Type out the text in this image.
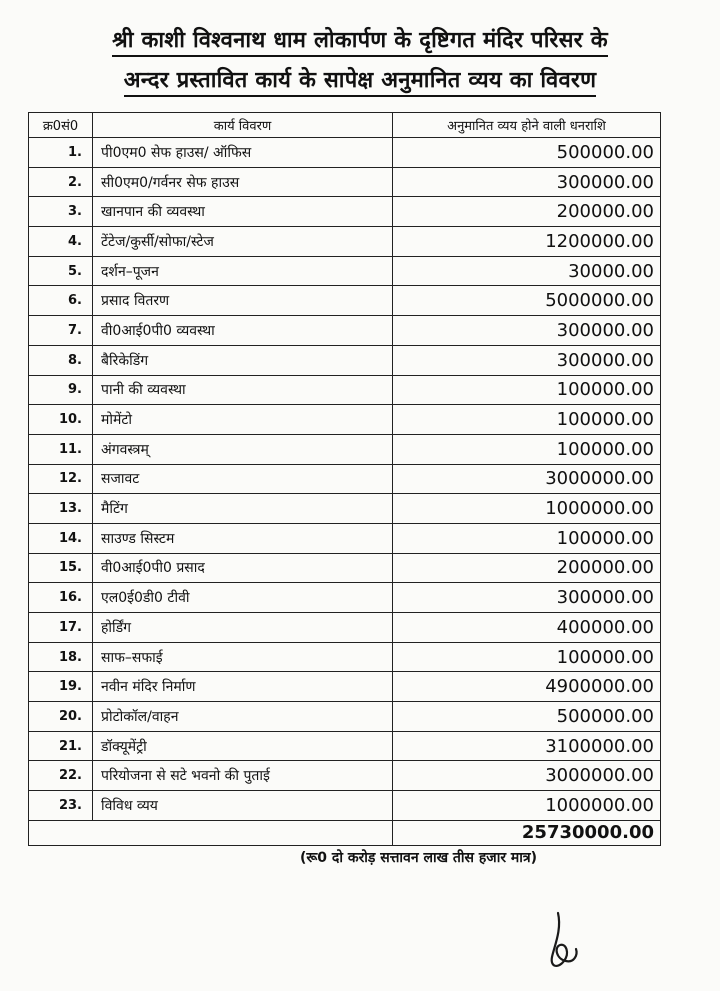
श्री काशी विश्वनाथ धाम लोकार्पण के दृष्टिगत मंदिर परिसर के
अन्दर प्रस्तावित कार्य के सापेक्ष अनुमानित व्यय का विवरण
क्र0सं0	कार्य विवरण	अनुमानित व्यय होने वाली धनराशि
1.	पी0एम0 सेफ हाउस/ ऑफिस	500000.00
2.	सी0एम0/गर्वनर सेफ हाउस	300000.00
3.	खानपान की व्यवस्था	200000.00
4.	टेंटेज/कुर्सी/सोफा/स्टेज	1200000.00
5.	दर्शन–पूजन	30000.00
6.	प्रसाद वितरण	5000000.00
7.	वी0आई0पी0 व्यवस्था	300000.00
8.	बैरिकेडिंग	300000.00
9.	पानी की व्यवस्था	100000.00
10.	मोमेंटो	100000.00
11.	अंगवस्त्रम्	100000.00
12.	सजावट	3000000.00
13.	मैटिंग	1000000.00
14.	साउण्ड सिस्टम	100000.00
15.	वी0आई0पी0 प्रसाद	200000.00
16.	एल0ई0डी0 टीवी	300000.00
17.	होर्डिंग	400000.00
18.	साफ–सफाई	100000.00
19.	नवीन मंदिर निर्माण	4900000.00
20.	प्रोटोकॉल/वाहन	500000.00
21.	डॉक्यूमेंट्री	3100000.00
22.	परियोजना से सटे भवनो की पुताई	3000000.00
23.	विविध व्यय	1000000.00
		25730000.00
(रू0 दो करोड़ सत्तावन लाख तीस हजार मात्र)
